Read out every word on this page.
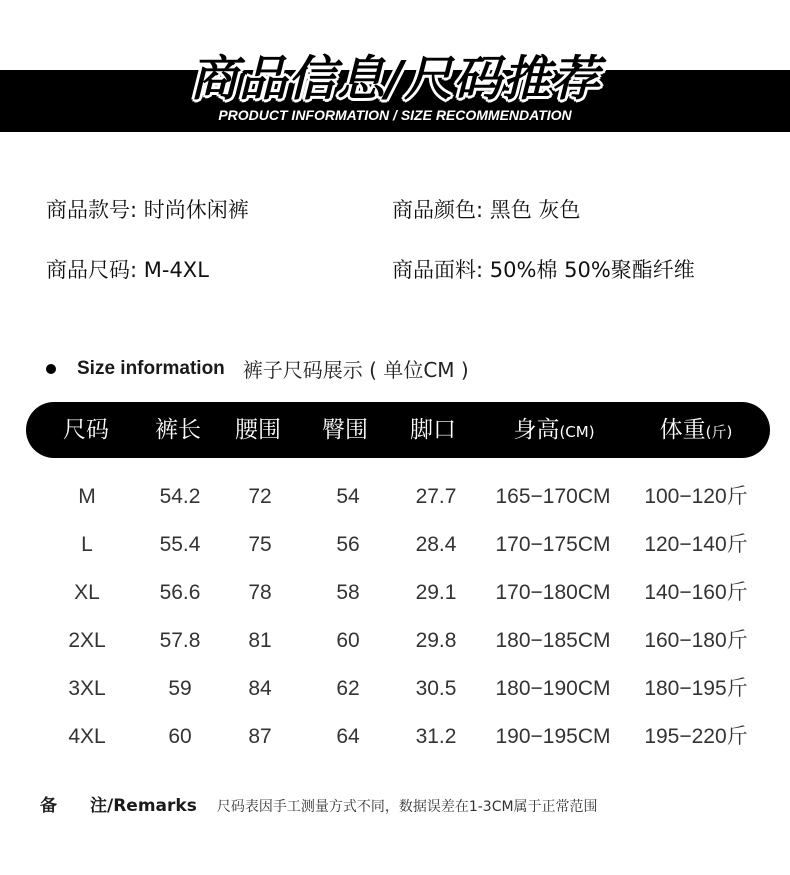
商品信息/尺码推荐
PRODUCT INFORMATION / SIZE RECOMMENDATION
商品款号: 时尚休闲裤	商品颜色: 黑色 灰色
商品尺码: M-4XL	商品面料: 50%棉 50%聚酯纤维
Size information 裤子尺码展示 ( 单位CM )
尺码 裤长 腰围 臀围 脚口 身高(CM)	体重(斤)
M	54.2 72	54	27.7 165−170CM 100−120斤
L	55.4 75	56	28.4 170−175CM 120−140斤
XL	56.6 78	58	29.1 170−180CM 140−160斤
2XL	57.8 81	60	29.8 180−185CM 160−180斤
3XL	59	84	62	30.5 180−190CM 180−195斤
4XL	60	87	64	31.2 190−195CM 195−220斤
备	注/Remarks 尺码表因手工测量方式不同，数据误差在1-3CM属于正常范围
